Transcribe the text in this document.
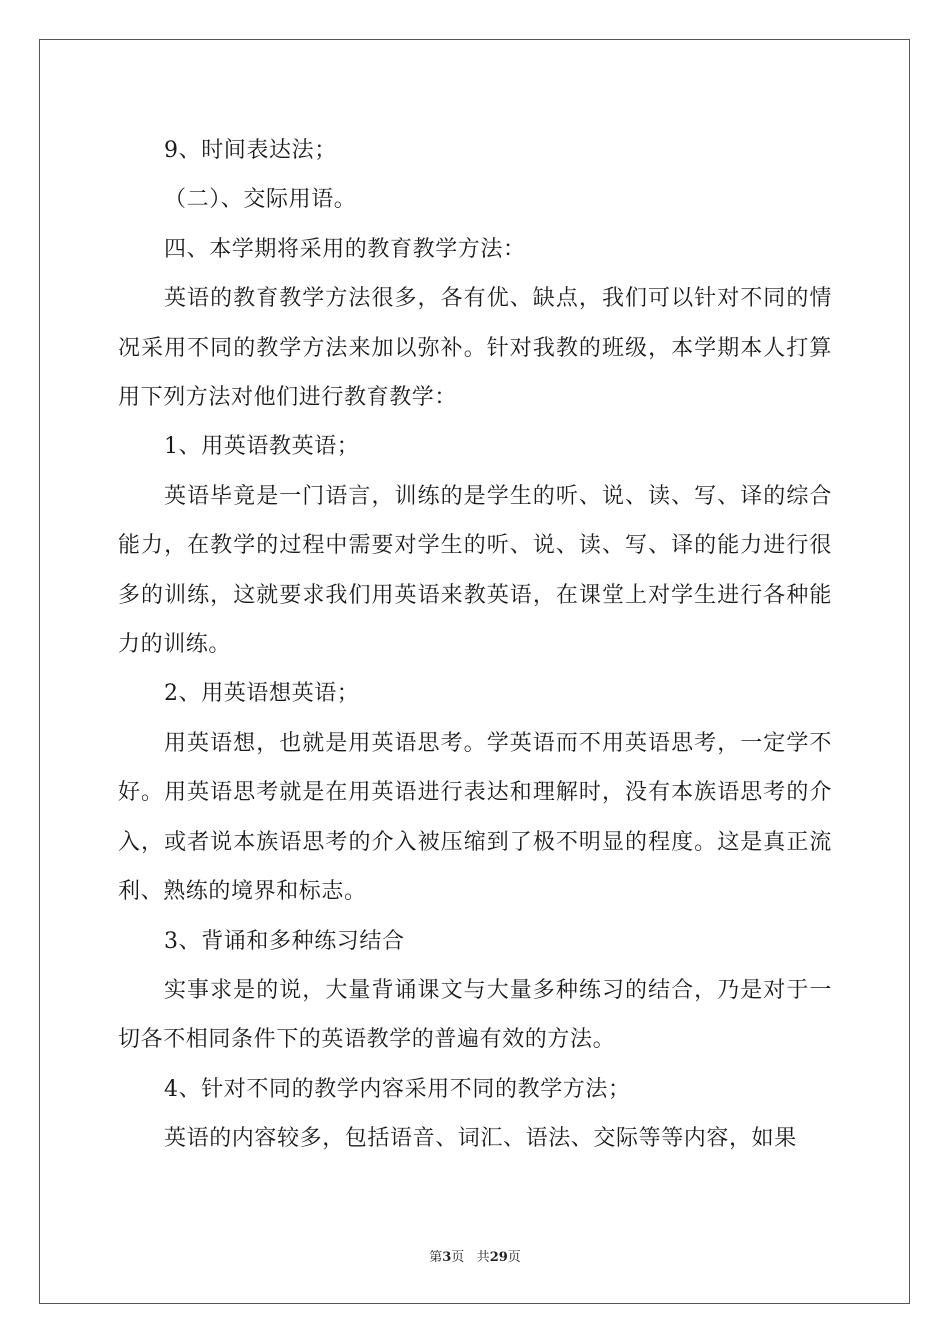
9、时间表达法；

（二）、交际用语。

四、本学期将采用的教育教学方法：

英语的教育教学方法很多，各有优、缺点，我们可以针对不同的情况采用不同的教学方法来加以弥补。针对我教的班级，本学期本人打算用下列方法对他们进行教育教学：

1、用英语教英语；

英语毕竟是一门语言，训练的是学生的听、说、读、写、译的综合能力，在教学的过程中需要对学生的听、说、读、写、译的能力进行很多的训练，这就要求我们用英语来教英语，在课堂上对学生进行各种能力的训练。

2、用英语想英语；

用英语想，也就是用英语思考。学英语而不用英语思考，一定学不好。用英语思考就是在用英语进行表达和理解时，没有本族语思考的介入，或者说本族语思考的介入被压缩到了极不明显的程度。这是真正流利、熟练的境界和标志。

3、背诵和多种练习结合

实事求是的说，大量背诵课文与大量多种练习的结合，乃是对于一切各不相同条件下的英语教学的普遍有效的方法。

4、针对不同的教学内容采用不同的教学方法；

英语的内容较多，包括语音、词汇、语法、交际等等内容，如果

第3页 共29页
